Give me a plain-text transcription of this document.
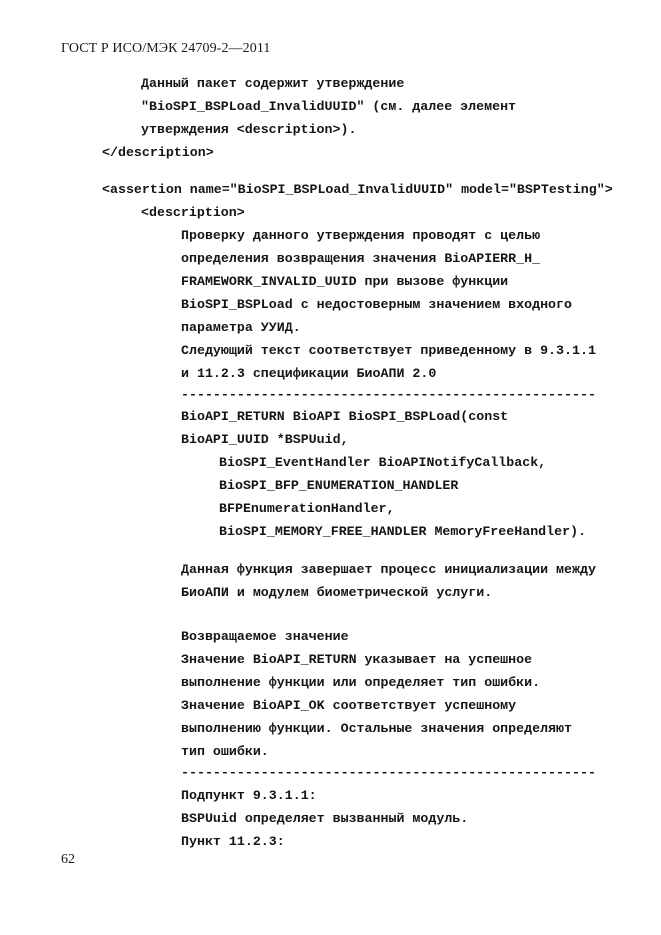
ГОСТ Р ИСО/МЭК 24709-2—2011

Данный пакет содержит утверждение

"BioSPI_BSPLoad_InvalidUUID" (см. далее элемент

утверждения <description>).

</description>

<assertion name="BioSPI_BSPLoad_InvalidUUID" model="BSPTesting">

<description>

Проверку данного утверждения проводят с целью

определения возвращения значения BioAPIERR_H_

FRAMEWORK_INVALID_UUID при вызове функции

BioSPI_BSPLoad с недостоверным значением входного

параметра УУИД.

Следующий текст соответствует приведенному в 9.3.1.1

и 11.2.3 спецификации БиоАПИ 2.0

----------------------------------------------------

BioAPI_RETURN BioAPI BioSPI_BSPLoad(const

BioAPI_UUID *BSPUuid,

BioSPI_EventHandler BioAPINotifyCallback,

BioSPI_BFP_ENUMERATION_HANDLER

BFPEnumerationHandler,

BioSPI_MEMORY_FREE_HANDLER MemoryFreeHandler).

Данная функция завершает процесс инициализации между

БиоАПИ и модулем биометрической услуги.

Возвращаемое значение

Значение BioAPI_RETURN указывает на успешное

выполнение функции или определяет тип ошибки.

Значение BioAPI_OK соответствует успешному

выполнению функции. Остальные значения определяют

тип ошибки.

----------------------------------------------------

Подпункт 9.3.1.1:

BSPUuid определяет вызванный модуль.

Пункт 11.2.3:

62
